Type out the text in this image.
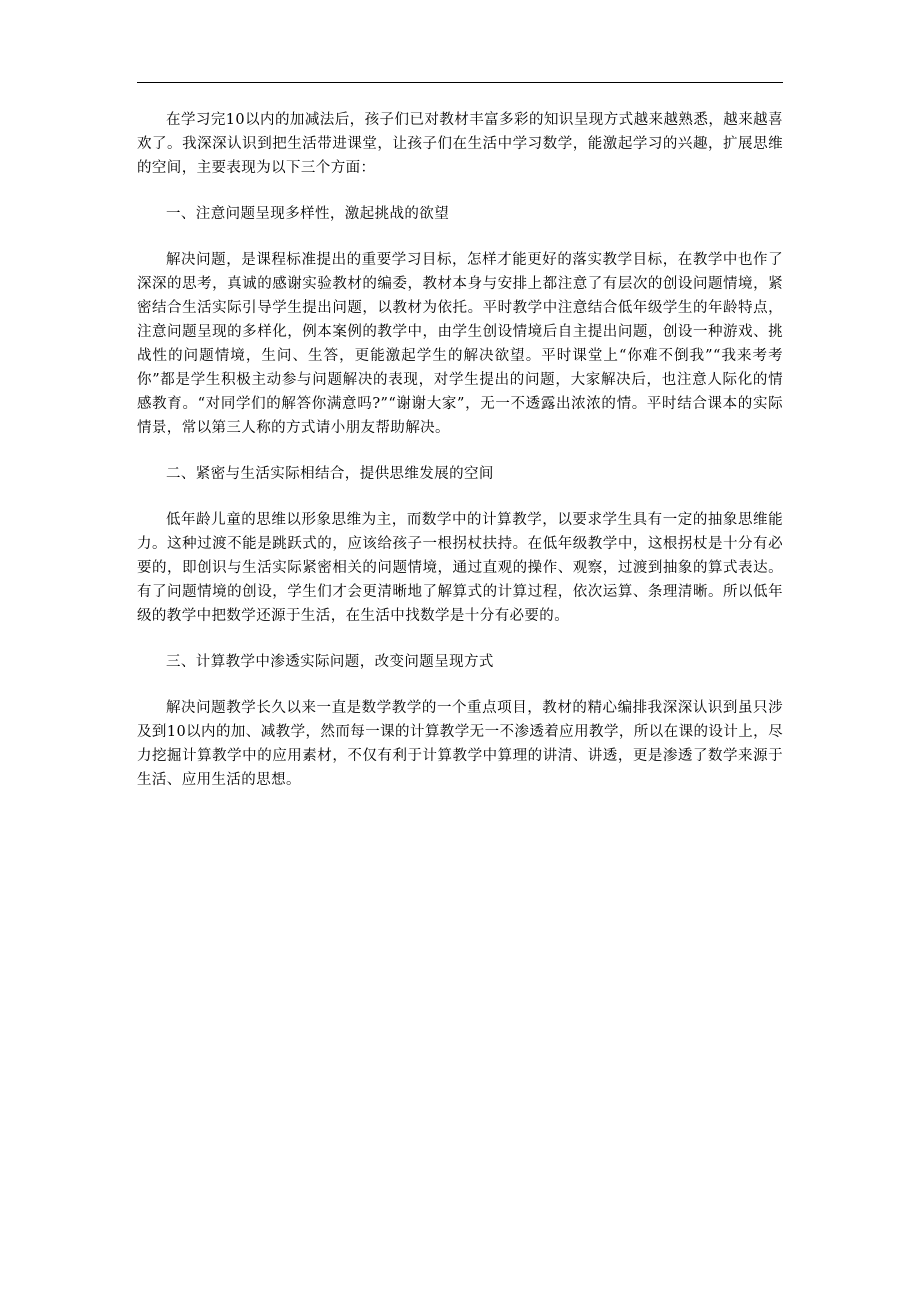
在学习完10以内的加减法后，孩子们已对教材丰富多彩的知识呈现方式越来越熟悉，越来越喜欢了。我深深认识到把生活带进课堂，让孩子们在生活中学习数学，能激起学习的兴趣，扩展思维的空间，主要表现为以下三个方面：

一、注意问题呈现多样性，激起挑战的欲望

解决问题，是课程标准提出的重要学习目标，怎样才能更好的落实教学目标，在教学中也作了深深的思考，真诚的感谢实验教材的编委，教材本身与安排上都注意了有层次的创设问题情境，紧密结合生活实际引导学生提出问题，以教材为依托。平时教学中注意结合低年级学生的年龄特点，注意问题呈现的多样化，例本案例的教学中，由学生创设情境后自主提出问题，创设一种游戏、挑战性的问题情境，生问、生答，更能激起学生的解决欲望。平时课堂上“你难不倒我”“我来考考你”都是学生积极主动参与问题解决的表现，对学生提出的问题，大家解决后，也注意人际化的情感教育。“对同学们的解答你满意吗?”“谢谢大家”，无一不透露出浓浓的情。平时结合课本的实际情景，常以第三人称的方式请小朋友帮助解决。

二、紧密与生活实际相结合，提供思维发展的空间

低年龄儿童的思维以形象思维为主，而数学中的计算教学，以要求学生具有一定的抽象思维能力。这种过渡不能是跳跃式的，应该给孩子一根拐杖扶持。在低年级教学中，这根拐杖是十分有必要的，即创识与生活实际紧密相关的问题情境，通过直观的操作、观察，过渡到抽象的算式表达。有了问题情境的创设，学生们才会更清晰地了解算式的计算过程，依次运算、条理清晰。所以低年级的教学中把数学还源于生活，在生活中找数学是十分有必要的。

三、计算教学中渗透实际问题，改变问题呈现方式

解决问题教学长久以来一直是数学教学的一个重点项目，教材的精心编排我深深认识到虽只涉及到10以内的加、减教学，然而每一课的计算教学无一不渗透着应用教学，所以在课的设计上，尽力挖掘计算教学中的应用素材，不仅有利于计算教学中算理的讲清、讲透，更是渗透了数学来源于生活、应用生活的思想。
